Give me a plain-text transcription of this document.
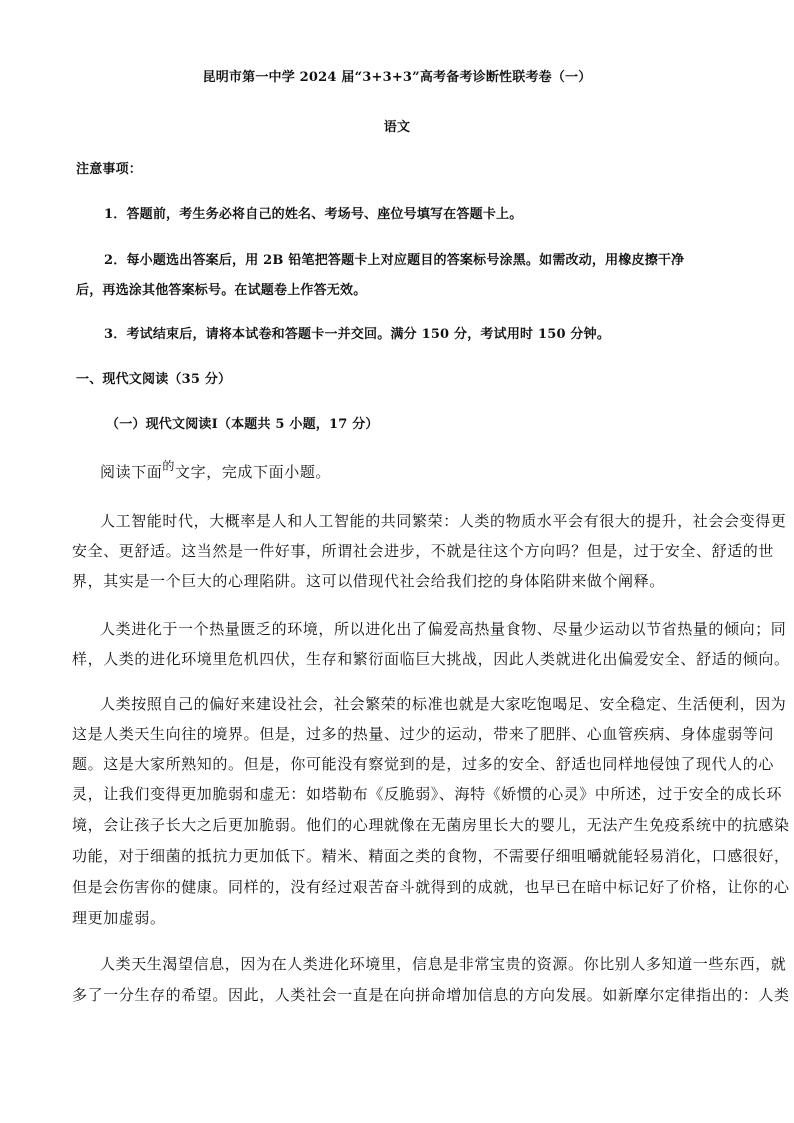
昆明市第一中学 2024 届“3+3+3”高考备考诊断性联考卷（一）
语文
注意事项：
1．答题前，考生务必将自己的姓名、考场号、座位号填写在答题卡上。
2．每小题选出答案后，用 2B 铅笔把答题卡上对应题目的答案标号涂黑。如需改动，用橡皮擦干净
后，再选涂其他答案标号。在试题卷上作答无效。
3．考试结束后，请将本试卷和答题卡一并交回。满分 150 分，考试用时 150 分钟。
一、现代文阅读（35 分）
（一）现代文阅读Ⅰ（本题共 5 小题，17 分）
阅读下面$^的$文字，完成下面小题。
人工智能时代，大概率是人和人工智能的共同繁荣：人类的物质水平会有很大的提升，社会会变得更
安全、更舒适。这当然是一件好事，所谓社会进步，不就是往这个方向吗？但是，过于安全、舒适的世
界，其实是一个巨大的心理陷阱。这可以借现代社会给我们挖的身体陷阱来做个阐释。
人类进化于一个热量匮乏的环境，所以进化出了偏爱高热量食物、尽量少运动以节省热量的倾向；同
样，人类的进化环境里危机四伏，生存和繁衍面临巨大挑战，因此人类就进化出偏爱安全、舒适的倾向。
人类按照自己的偏好来建设社会，社会繁荣的标准也就是大家吃饱喝足、安全稳定、生活便利，因为
这是人类天生向往的境界。但是，过多的热量、过少的运动，带来了肥胖、心血管疾病、身体虚弱等问
题。这是大家所熟知的。但是，你可能没有察觉到的是，过多的安全、舒适也同样地侵蚀了现代人的心
灵，让我们变得更加脆弱和虚无：如塔勒布《反脆弱》、海特《娇惯的心灵》中所述，过于安全的成长环
境，会让孩子长大之后更加脆弱。他们的心理就像在无菌房里长大的婴儿，无法产生免疫系统中的抗感染
功能，对于细菌的抵抗力更加低下。精米、精面之类的食物，不需要仔细咀嚼就能轻易消化，口感很好，
但是会伤害你的健康。同样的，没有经过艰苦奋斗就得到的成就，也早已在暗中标记好了价格，让你的心
理更加虚弱。
人类天生渴望信息，因为在人类进化环境里，信息是非常宝贵的资源。你比别人多知道一些东西，就
多了一分生存的希望。因此，人类社会一直是在向拼命增加信息的方向发展。如新摩尔定律指出的：人类
